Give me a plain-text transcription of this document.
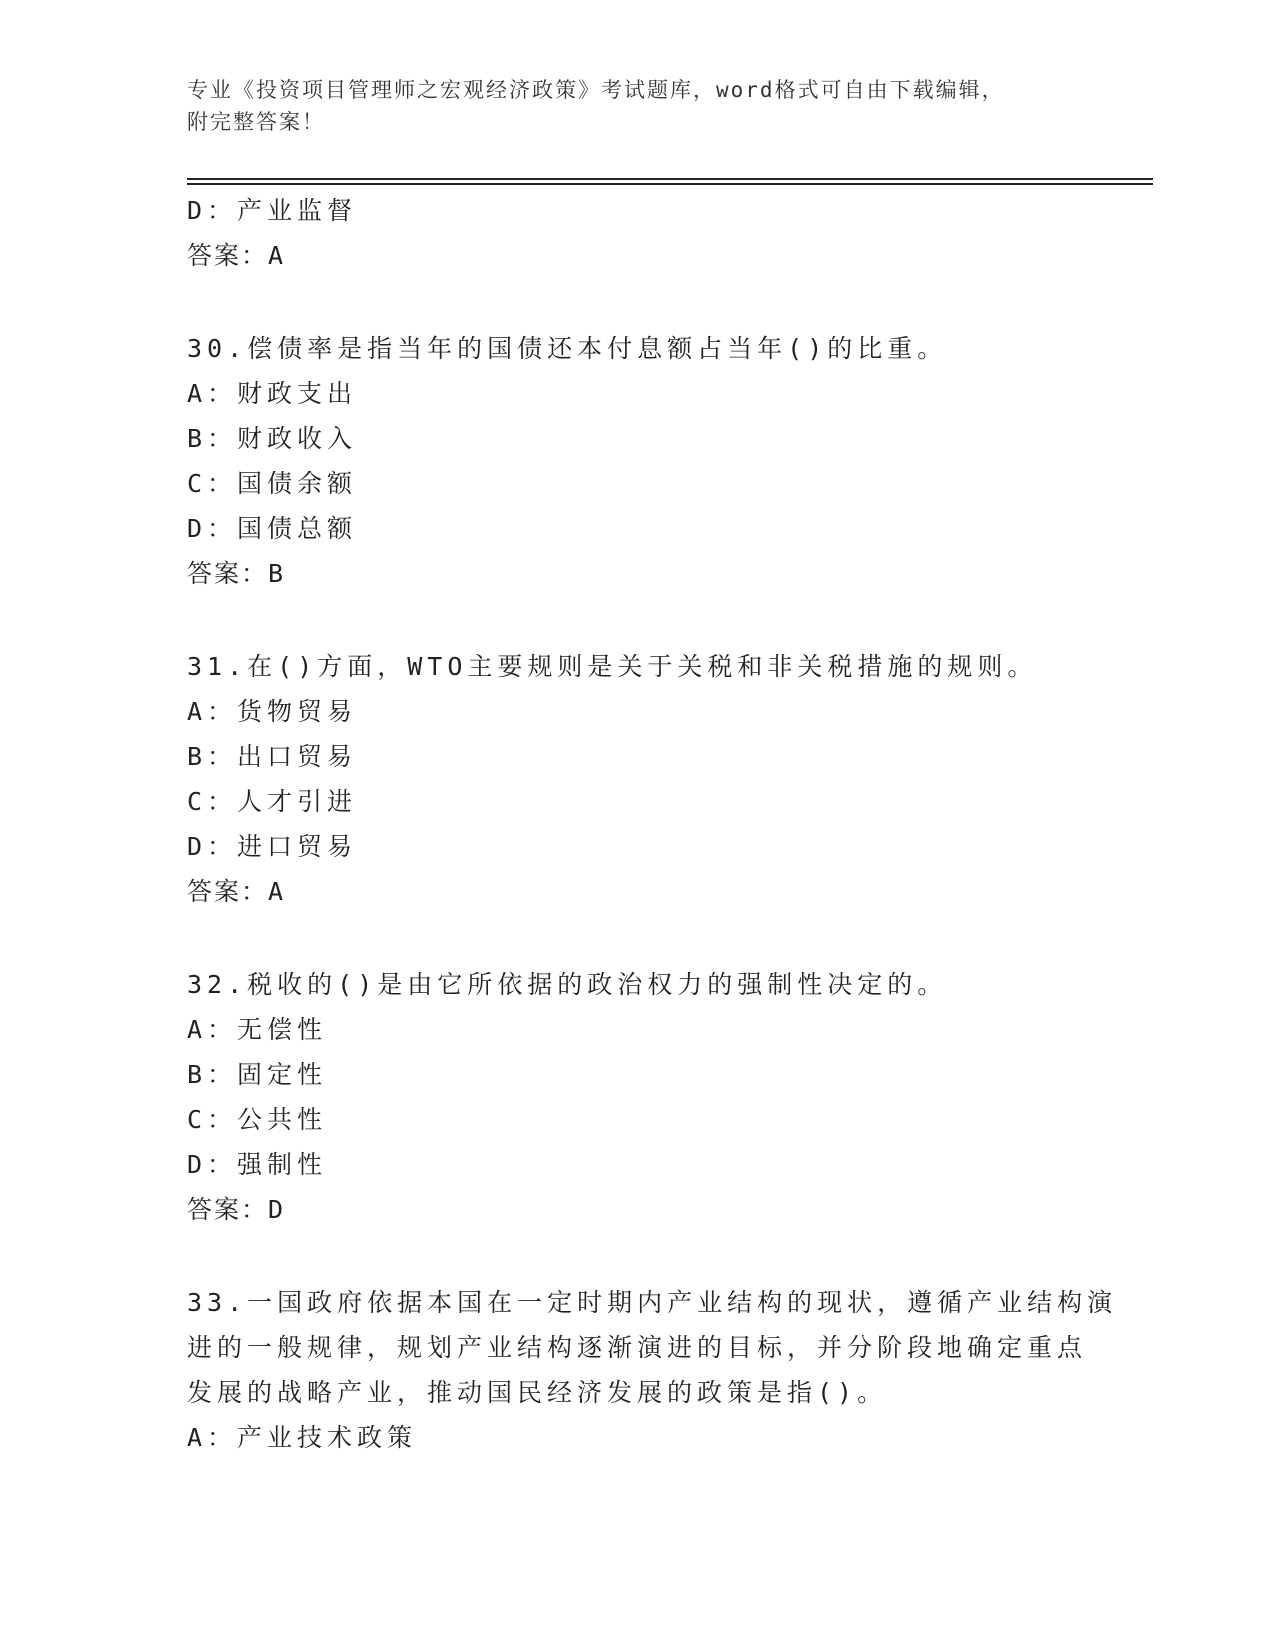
专业《投资项目管理师之宏观经济政策》考试题库，word格式可自由下载编辑，
附完整答案！
D：产业监督
答案：A
30.偿债率是指当年的国债还本付息额占当年()的比重。
A：财政支出
B：财政收入
C：国债余额
D：国债总额
答案：B
31.在()方面，WTO主要规则是关于关税和非关税措施的规则。
A：货物贸易
B：出口贸易
C：人才引进
D：进口贸易
答案：A
32.税收的()是由它所依据的政治权力的强制性决定的。
A：无偿性
B：固定性
C：公共性
D：强制性
答案：D
33.一国政府依据本国在一定时期内产业结构的现状，遵循产业结构演
进的一般规律，规划产业结构逐渐演进的目标，并分阶段地确定重点
发展的战略产业，推动国民经济发展的政策是指()。
A：产业技术政策
